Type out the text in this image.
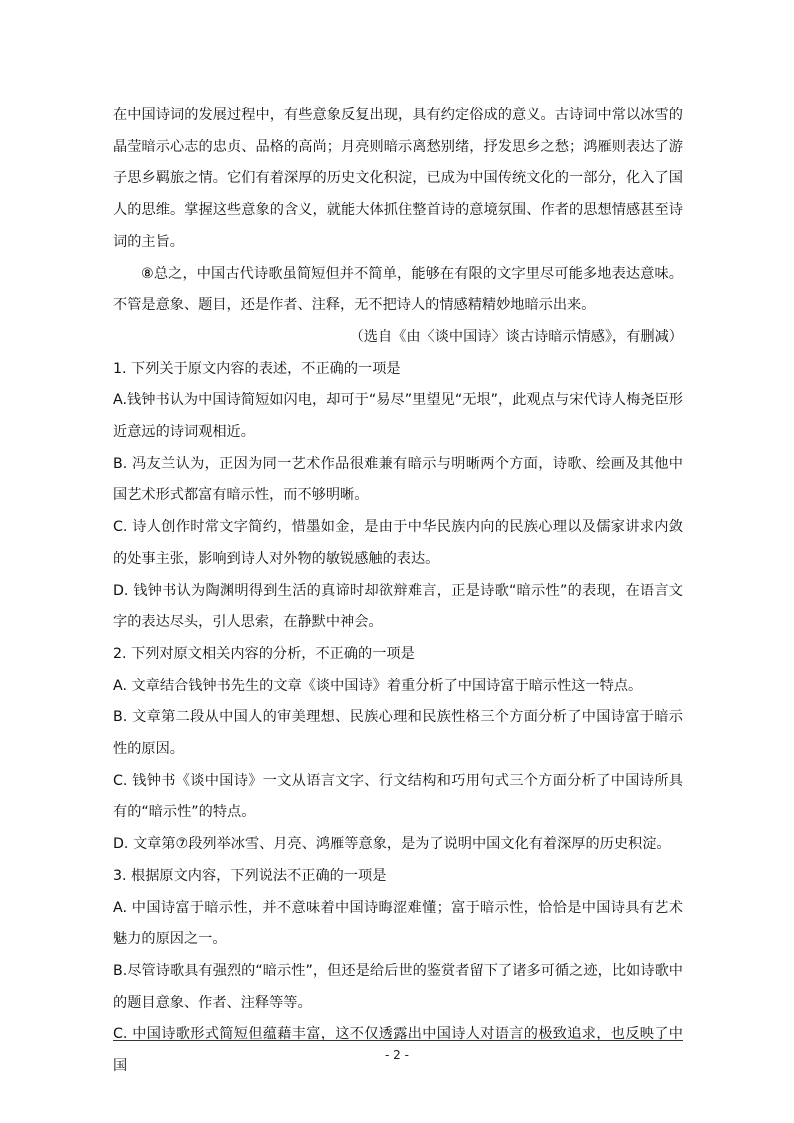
在中国诗词的发展过程中，有些意象反复出现，具有约定俗成的意义。古诗词中常以冰雪的晶莹暗示心志的忠贞、品格的高尚；月亮则暗示离愁别绪，抒发思乡之愁；鸿雁则表达了游子思乡羁旅之情。它们有着深厚的历史文化积淀，已成为中国传统文化的一部分，化入了国人的思维。掌握这些意象的含义，就能大体抓住整首诗的意境氛围、作者的思想情感甚至诗词的主旨。

⑧总之，中国古代诗歌虽简短但并不简单，能够在有限的文字里尽可能多地表达意味。不管是意象、题目，还是作者、注释，无不把诗人的情感精精妙地暗示出来。

（选自《由〈谈中国诗〉谈古诗暗示情感》，有删减）

1. 下列关于原文内容的表述，不正确的一项是

A.钱钟书认为中国诗简短如闪电，却可于“易尽”里望见“无垠”，此观点与宋代诗人梅尧臣形近意远的诗词观相近。

B. 冯友兰认为，正因为同一艺术作品很难兼有暗示与明晰两个方面，诗歌、绘画及其他中国艺术形式都富有暗示性，而不够明晰。

C. 诗人创作时常文字简约，惜墨如金，是由于中华民族内向的民族心理以及儒家讲求内敛的处事主张，影响到诗人对外物的敏锐感触的表达。

D. 钱钟书认为陶渊明得到生活的真谛时却欲辩难言，正是诗歌“暗示性”的表现，在语言文字的表达尽头，引人思索，在静默中神会。

2. 下列对原文相关内容的分析，不正确的一项是

A. 文章结合钱钟书先生的文章《谈中国诗》着重分析了中国诗富于暗示性这一特点。

B. 文章第二段从中国人的审美理想、民族心理和民族性格三个方面分析了中国诗富于暗示性的原因。

C. 钱钟书《谈中国诗》一文从语言文字、行文结构和巧用句式三个方面分析了中国诗所具有的“暗示性”的特点。

D. 文章第⑦段列举冰雪、月亮、鸿雁等意象，是为了说明中国文化有着深厚的历史积淀。

3. 根据原文内容，下列说法不正确的一项是

A. 中国诗富于暗示性，并不意味着中国诗晦涩难懂；富于暗示性，恰恰是中国诗具有艺术魅力的原因之一。

B.尽管诗歌具有强烈的“暗示性”，但还是给后世的鉴赏者留下了诸多可循之迹，比如诗歌中的题目意象、作者、注释等等。

C. 中国诗歌形式简短但蕴藉丰富，这不仅透露出中国诗人对语言的极致追求，也反映了中国

- 2 -
